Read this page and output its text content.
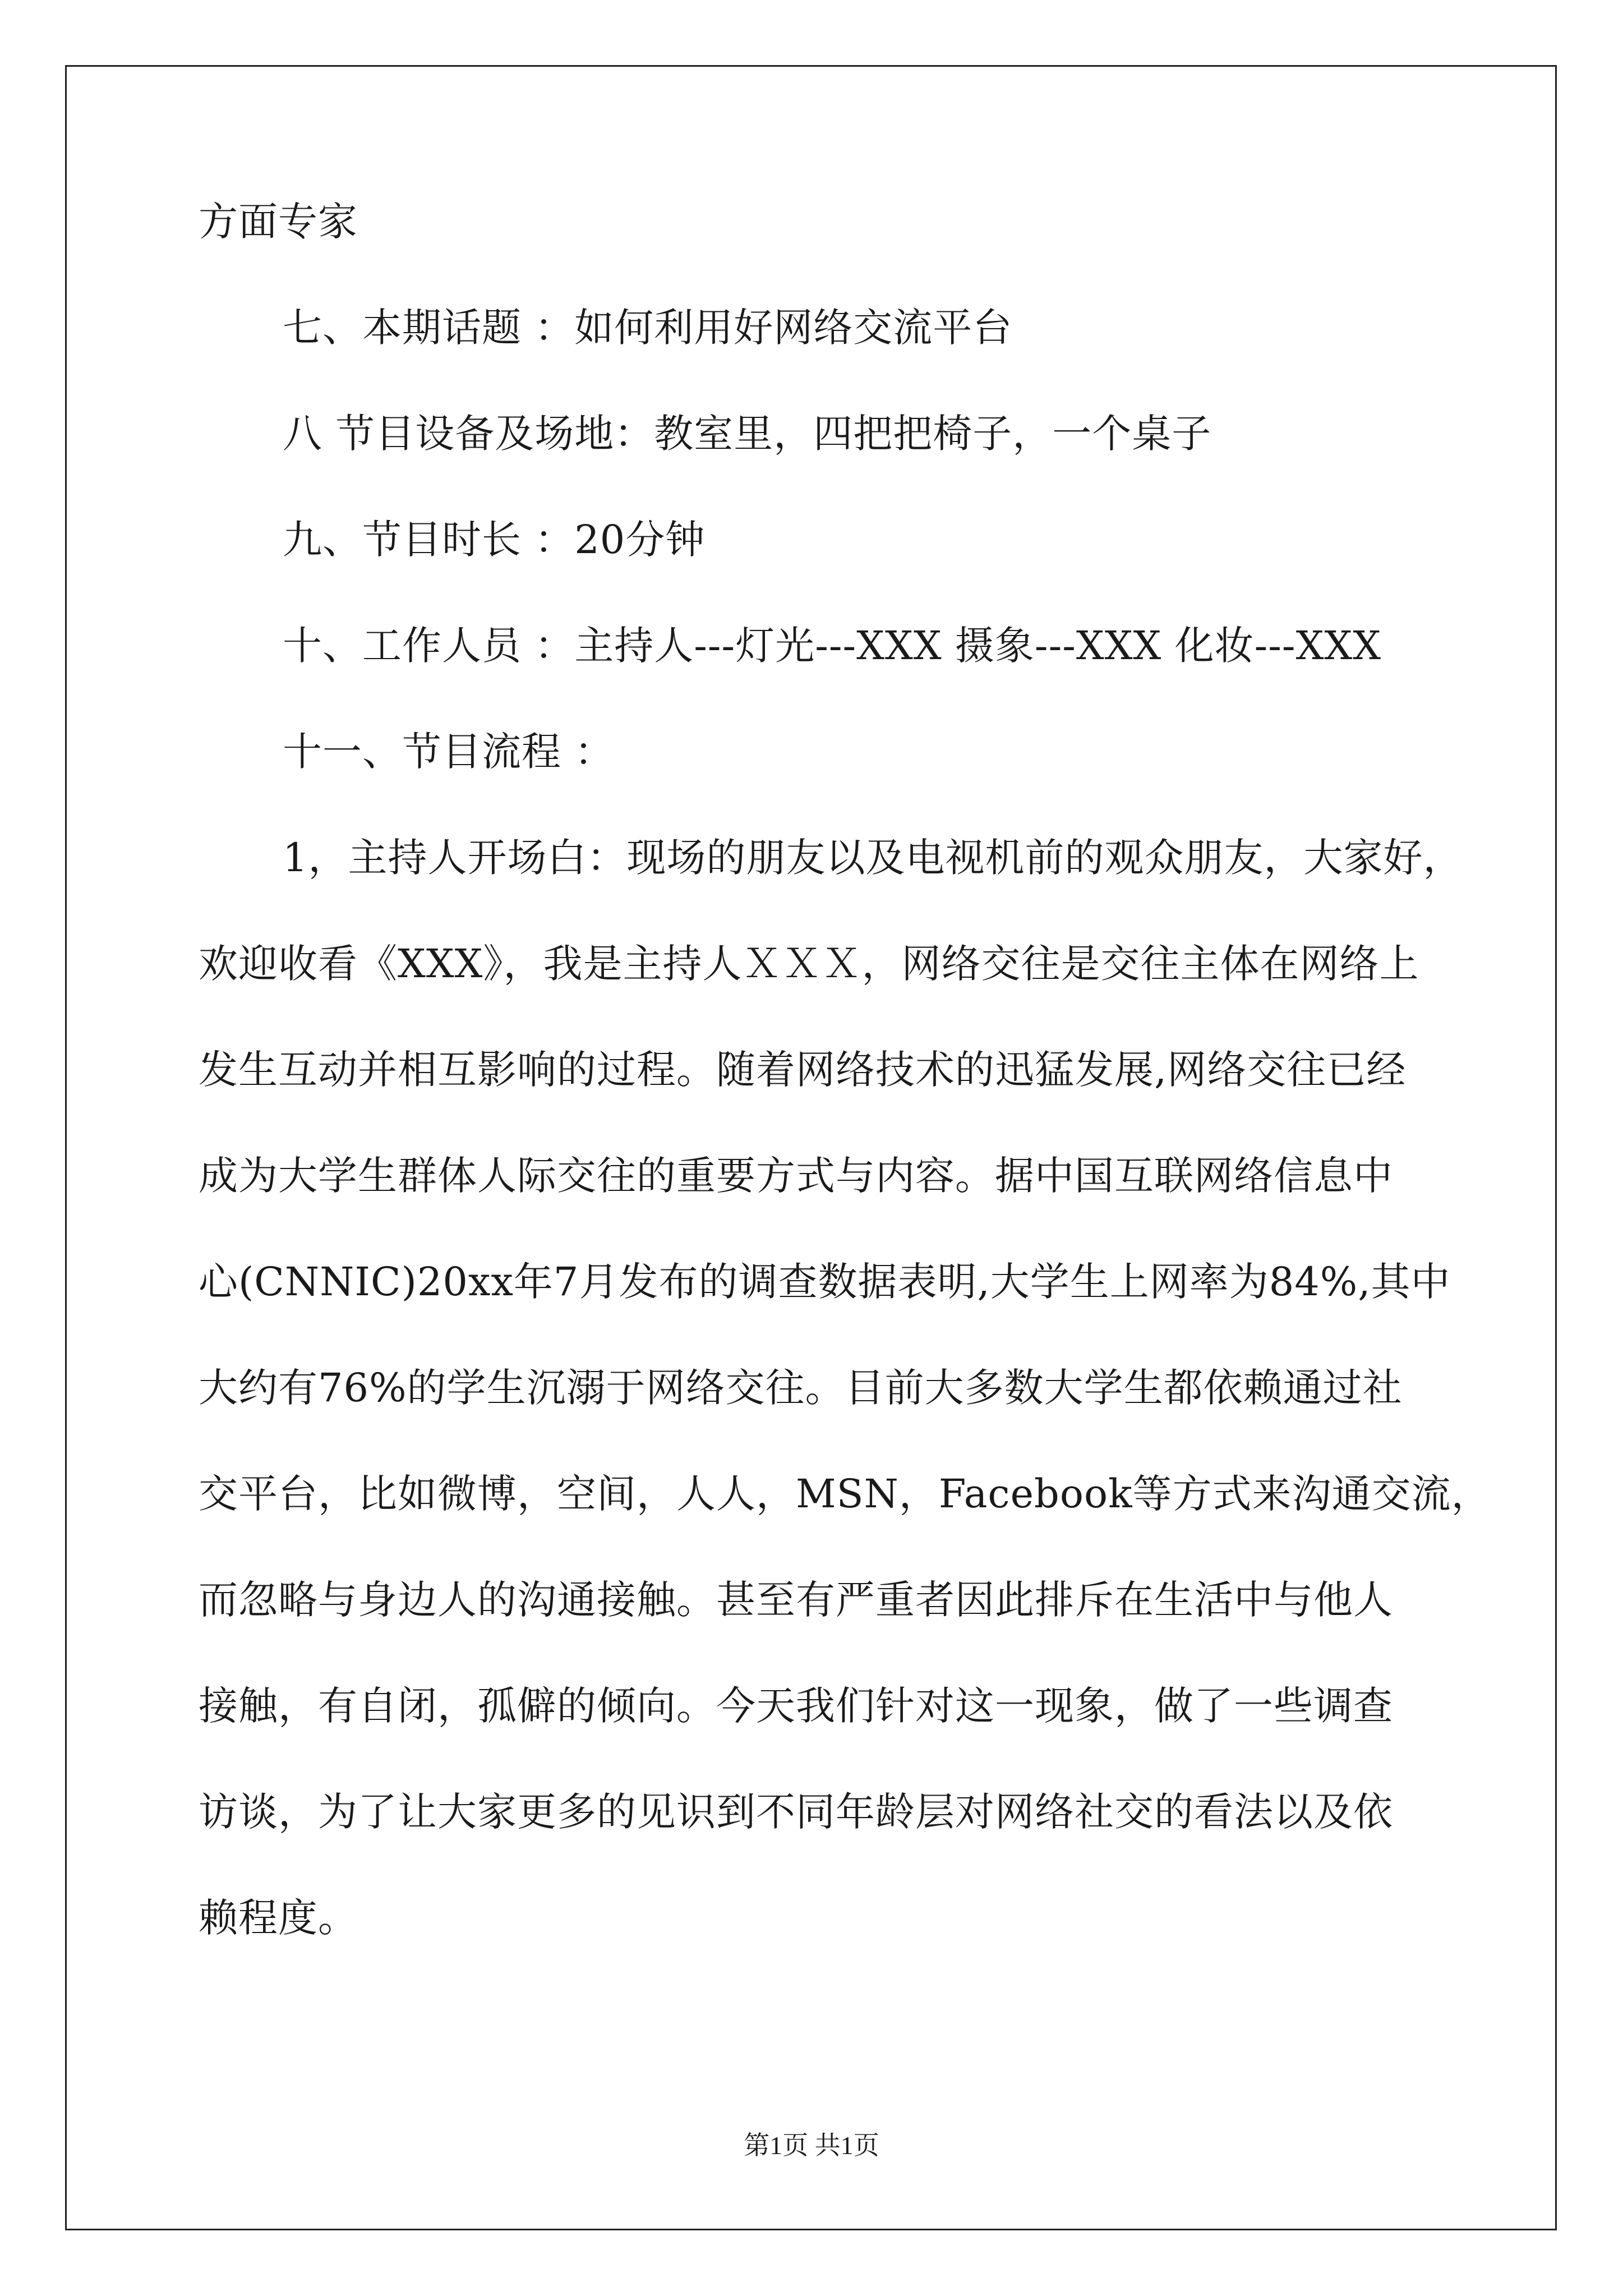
方面专家

七、本期话题 ：如何利用好网络交流平台

八 节目设备及场地：教室里，四把把椅子，一个桌子

九、节目时长 ：20分钟

十、工作人员 ：主持人---灯光---XXX 摄象---XXX 化妆---XXX

十一、节目流程 ：

1，主持人开场白：现场的朋友以及电视机前的观众朋友，大家好，

欢迎收看《XXX》，我是主持人ＸＸＸ，网络交往是交往主体在网络上

发生互动并相互影响的过程。随着网络技术的迅猛发展,网络交往已经

成为大学生群体人际交往的重要方式与内容。据中国互联网络信息中

心(CNNIC)20xx年7月发布的调查数据表明,大学生上网率为84%,其中

大约有76%的学生沉溺于网络交往。目前大多数大学生都依赖通过社

交平台，比如微博，空间，人人，MSN，Facebook等方式来沟通交流，

而忽略与身边人的沟通接触。甚至有严重者因此排斥在生活中与他人

接触，有自闭，孤僻的倾向。今天我们针对这一现象，做了一些调查

访谈，为了让大家更多的见识到不同年龄层对网络社交的看法以及依

赖程度。

第1页 共1页
